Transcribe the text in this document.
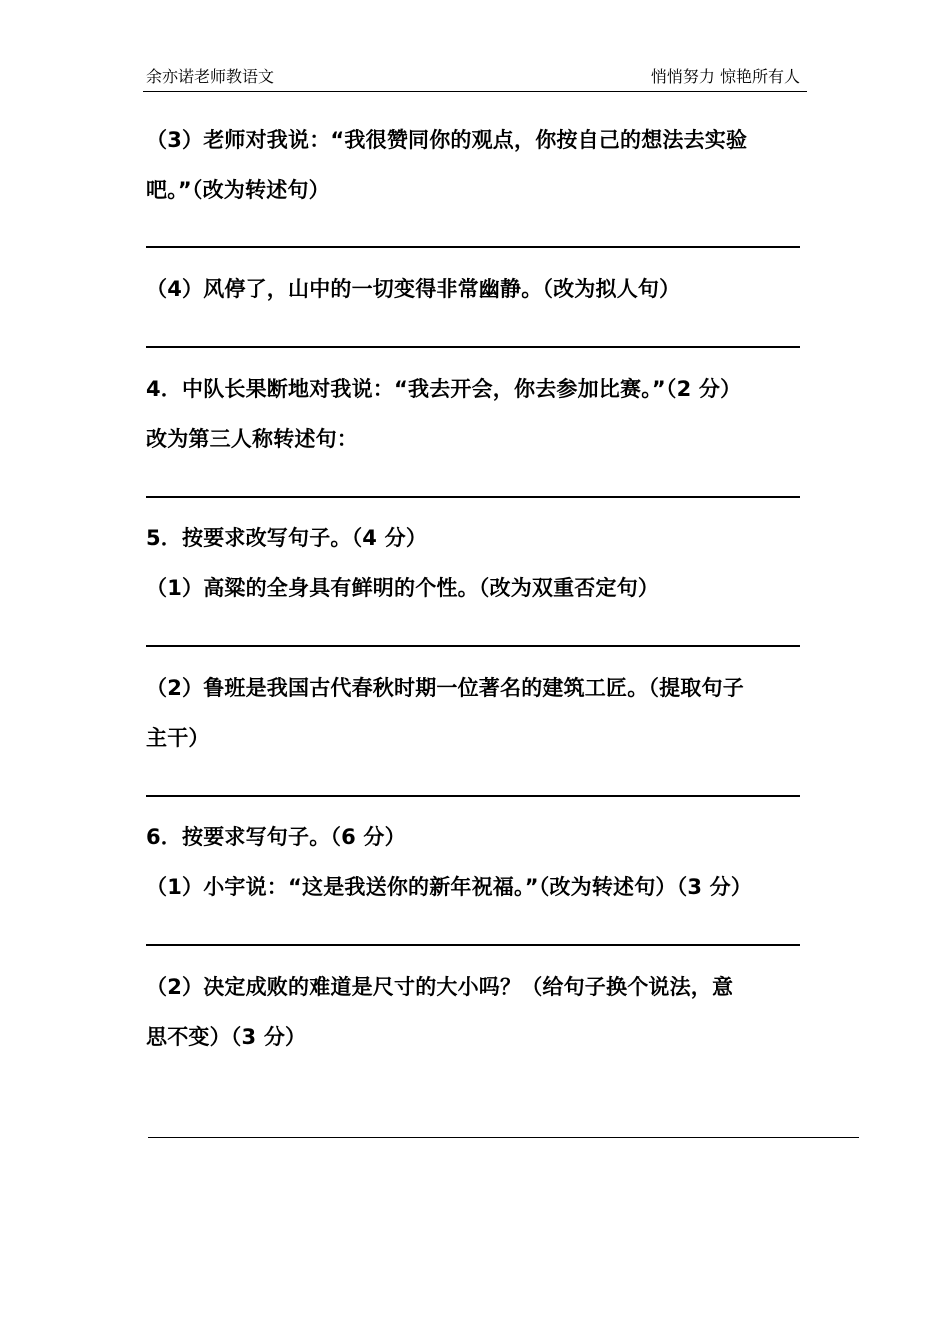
余亦诺老师教语文	悄悄努力 惊艳所有人
（3）老师对我说：“我很赞同你的观点，你按自己的想法去实验
吧。”（改为转述句）
（4）风停了，山中的一切变得非常幽静。（改为拟人句）
4．中队长果断地对我说：“我去开会，你去参加比赛。”（2 分）
改为第三人称转述句：
5．按要求改写句子。（4 分）
（1）高粱的全身具有鲜明的个性。（改为双重否定句）
（2）鲁班是我国古代春秋时期一位著名的建筑工匠。（提取句子
主干）
6．按要求写句子。（6 分）
（1）小宇说：“这是我送你的新年祝福。”（改为转述句）（3 分）
（2）决定成败的难道是尺寸的大小吗？（给句子换个说法，意
思不变）（3 分）
